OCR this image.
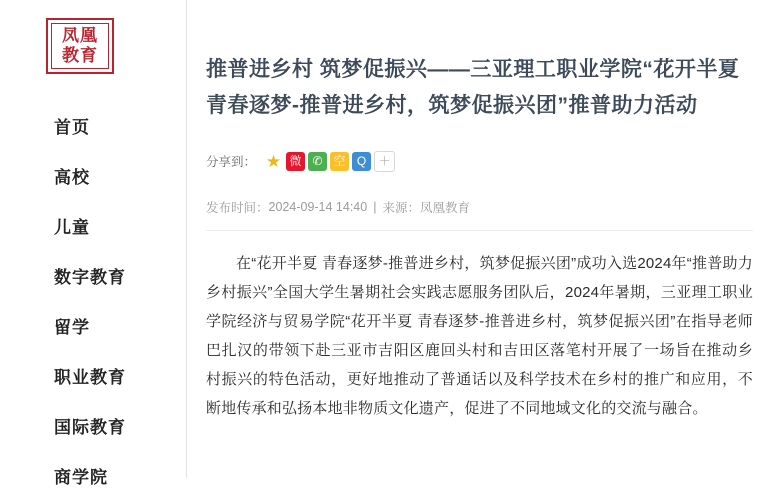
凤凰
教育
首页
高校
儿童
数字教育
留学
职业教育
国际教育
商学院
推普进乡村 筑梦促振兴——三亚理工职业学院“花开半夏 青春逐梦-推普进乡村，筑梦促振兴团”推普助力活动
分享到： ★ 微 ✆ 空 Q	＋
发布时间： 2024-09-14 14:40 | 来源： 凤凰教育

在“花开半夏 青春逐梦-推普进乡村，筑梦促振兴团”成功入选2024年“推普助力乡村振兴”全国大学生暑期社会实践志愿服务团队后，2024年暑期，三亚理工职业学院经济与贸易学院“花开半夏 青春逐梦-推普进乡村，筑梦促振兴团”在指导老师巴扎汉的带领下赴三亚市吉阳区鹿回头村和吉田区落笔村开展了一场旨在推动乡村振兴的特色活动，更好地推动了普通话以及科学技术在乡村的推广和应用，不断地传承和弘扬本地非物质文化遗产，促进了不同地域文化的交流与融合。
